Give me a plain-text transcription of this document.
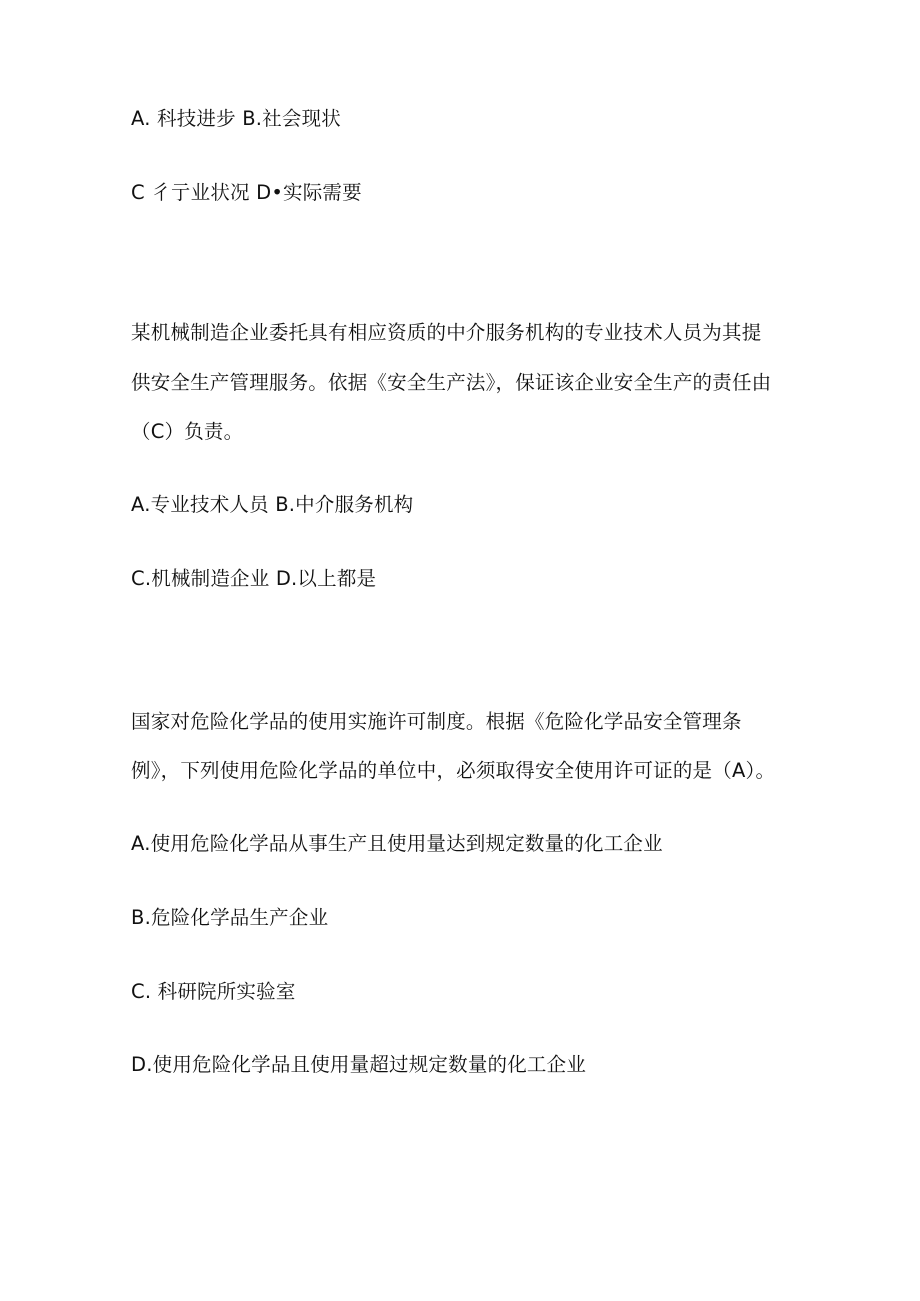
A. 科技进步 B.社会现状

C 彳亍业状况 D•实际需要

某机械制造企业委托具有相应资质的中介服务机构的专业技术人员为其提

供安全生产管理服务。依据《安全生产法》，保证该企业安全生产的责任由

（C）负责。

A.专业技术人员 B.中介服务机构

C.机械制造企业 D.以上都是

国家对危险化学品的使用实施许可制度。根据《危险化学品安全管理条

例》，下列使用危险化学品的单位中，必须取得安全使用许可证的是（A）。

A.使用危险化学品从事生产且使用量达到规定数量的化工企业

B.危险化学品生产企业

C. 科研院所实验室

D.使用危险化学品且使用量超过规定数量的化工企业
